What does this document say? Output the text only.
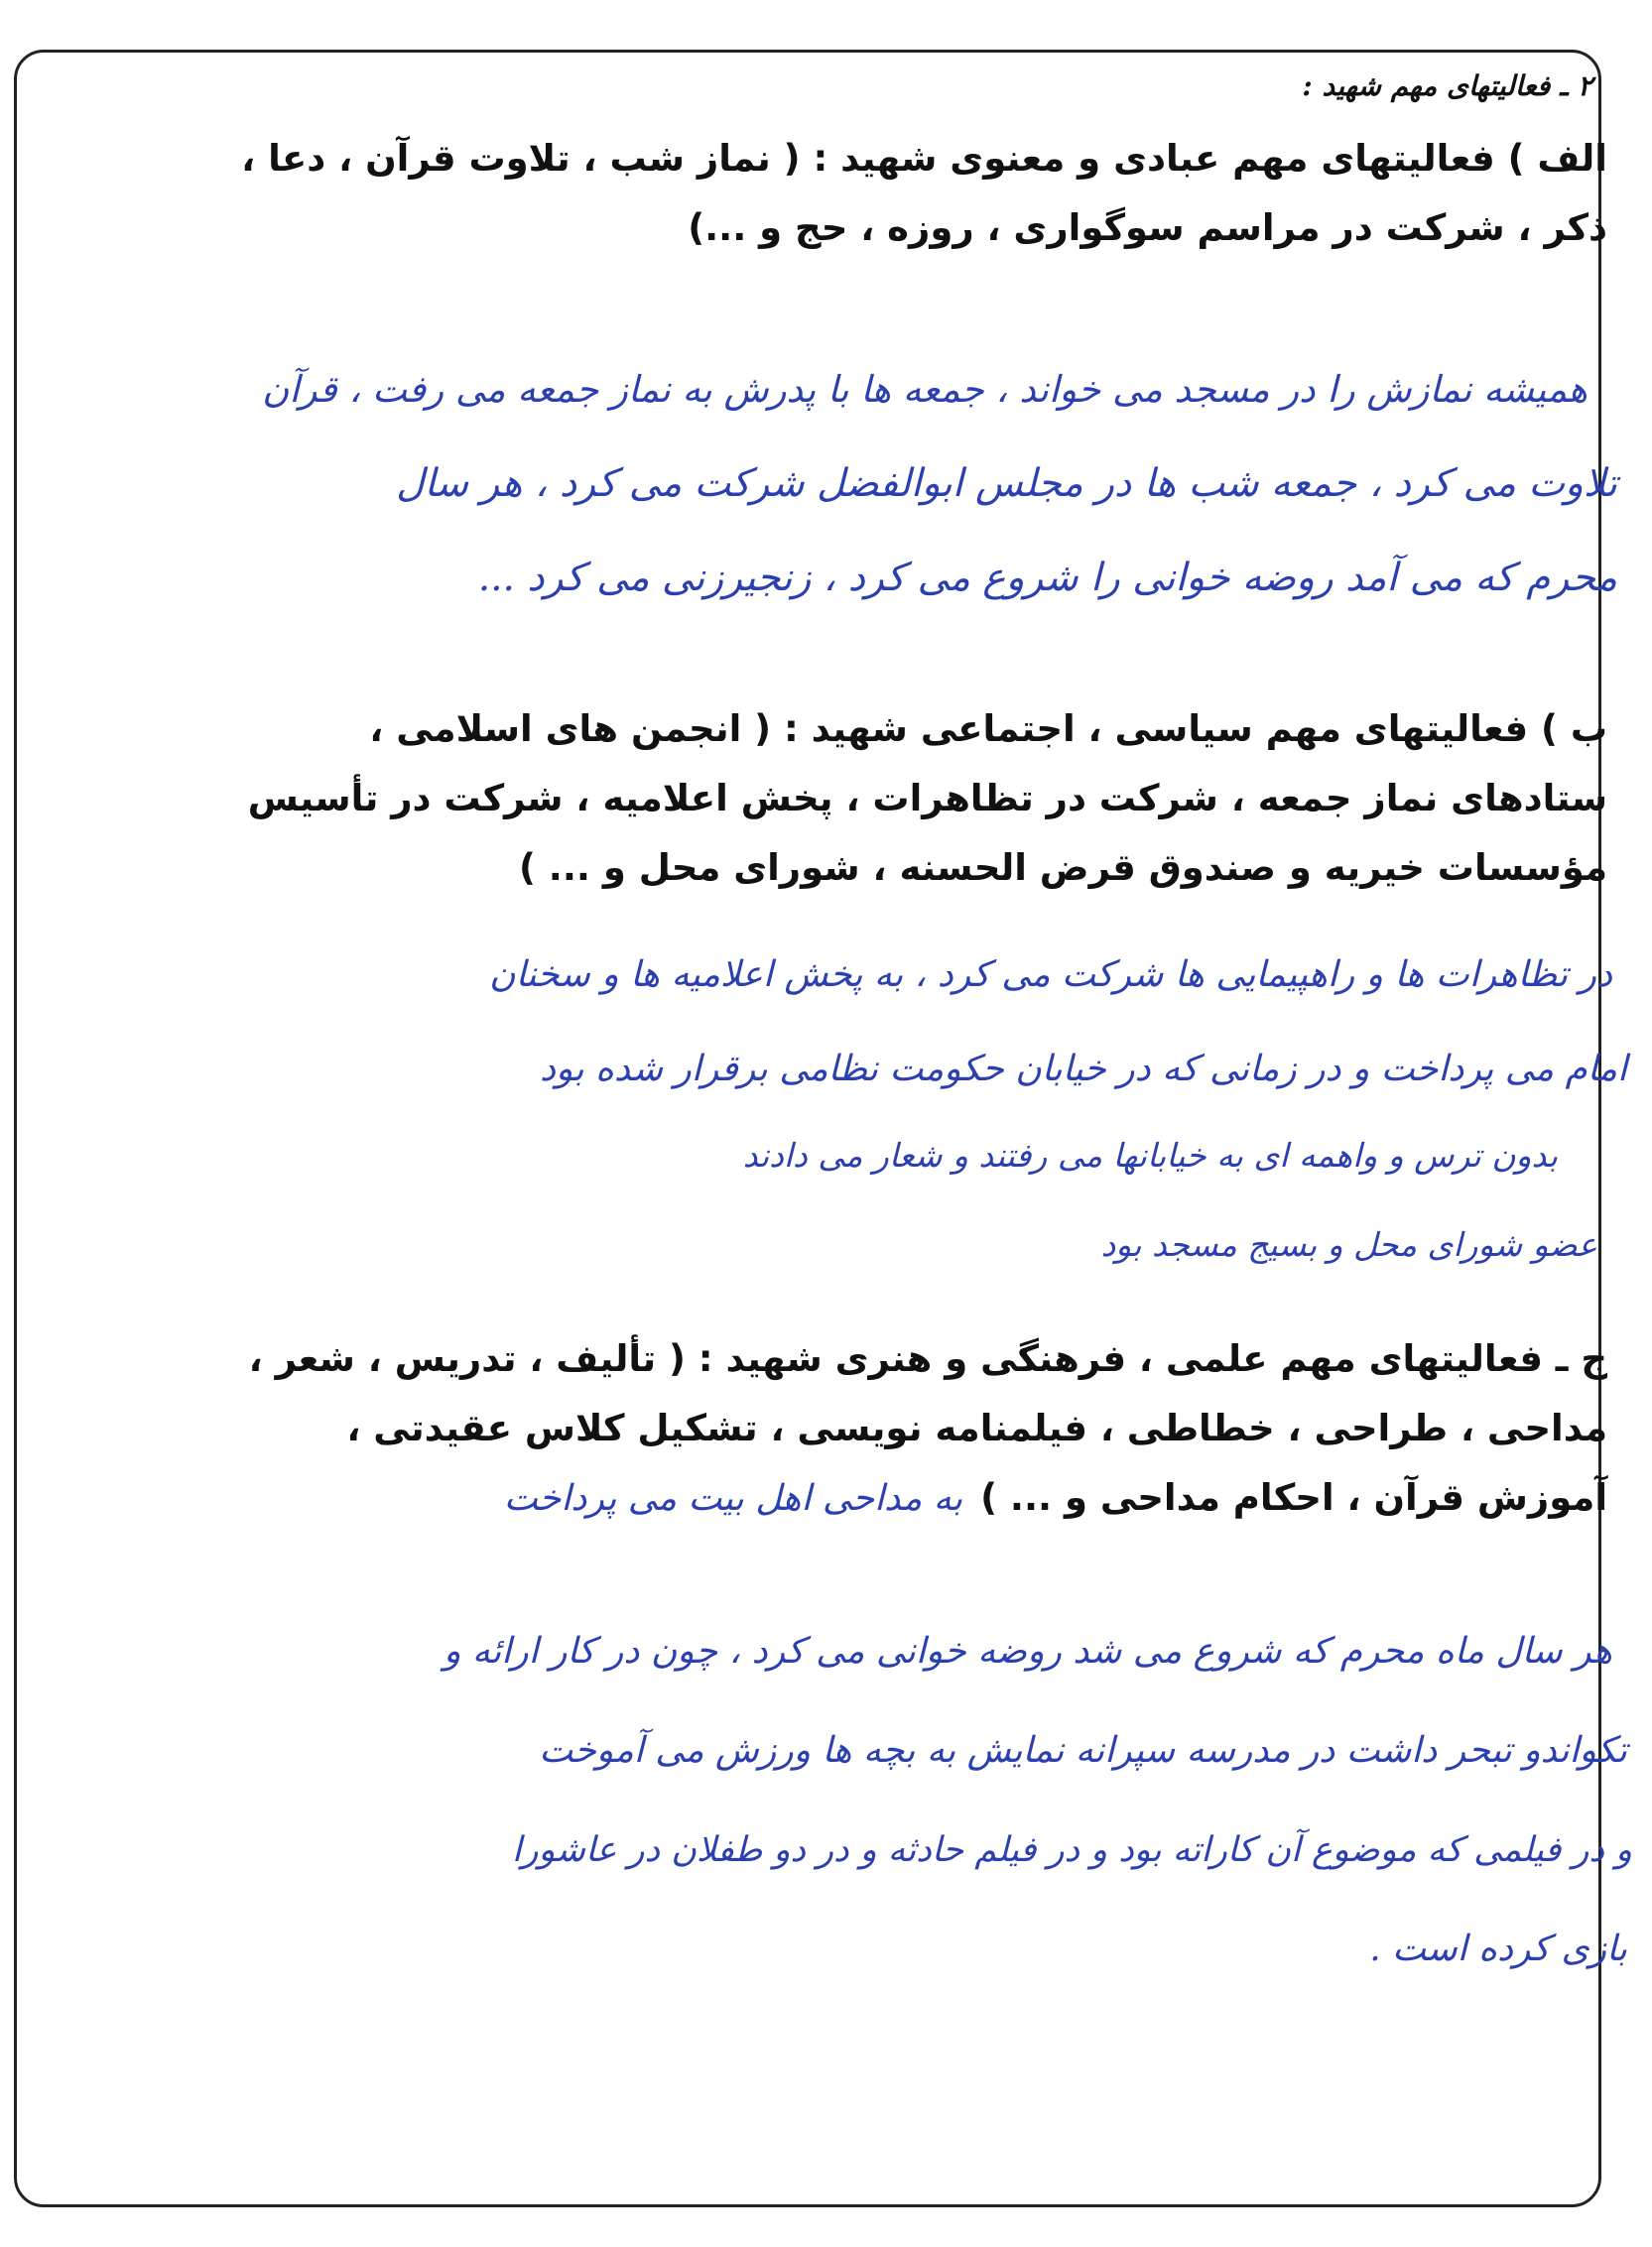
۲ ـ فعالیتهای مهم شهید :
الف ) فعالیتهای مهم عبادی و معنوی شهید : ( نماز شب ، تلاوت قرآن ، دعا ،
ذکر ، شرکت در مراسم سوگواری ، روزه ، حج و ...)
همیشه نمازش را در مسجد می خواند ، جمعه ها با پدرش به نماز جمعه می رفت ، قرآن
تلاوت می کرد ، جمعه شب ها در مجلس ابوالفضل شرکت می کرد ، هر سال
محرم که می آمد روضه خوانی را شروع می کرد ، زنجیرزنی می کرد ...
ب ) فعالیتهای مهم سیاسی ، اجتماعی شهید : ( انجمن های اسلامی ،
ستادهای نماز جمعه ، شرکت در تظاهرات ، پخش اعلامیه ، شرکت در تأسیس
مؤسسات خیریه و صندوق قرض الحسنه ، شورای محل و ... )
در تظاهرات ها و راهپیمایی ها شرکت می کرد ، به پخش اعلامیه ها و سخنان
امام می پرداخت و در زمانی که در خیابان حکومت نظامی برقرار شده بود
بدون ترس و واهمه ای به خیابانها می رفتند و شعار می دادند
عضو شورای محل و بسیج مسجد بود
ج ـ فعالیتهای مهم علمی ، فرهنگی و هنری شهید : ( تألیف ، تدریس ، شعر ،
مداحی ، طراحی ، خطاطی ، فیلمنامه نویسی ، تشکیل کلاس عقیدتی ،
آموزش قرآن ، احکام مداحی و ... )به مداحی اهل بیت می پرداخت
هر سال ماه محرم که شروع می شد روضه خوانی می کرد ، چون در کار ارائه و
تکواندو تبحر داشت در مدرسه سپرانه نمایش به بچه ها ورزش می آموخت
و در فیلمی که موضوع آن کاراته بود و در فیلم حادثه و در دو طفلان در عاشورا
بازی کرده است .
